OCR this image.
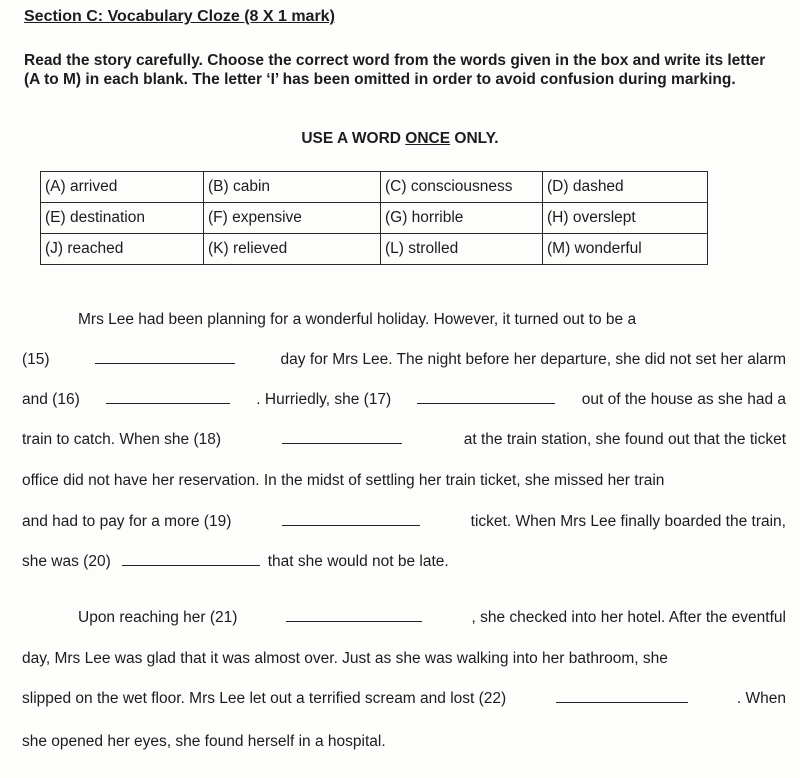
Section C: Vocabulary Cloze (8 X 1 mark)
Read the story carefully. Choose the correct word from the words given in the box and write its letter (A to M) in each blank. The letter ‘I’ has been omitted in order to avoid confusion during marking.
USE A WORD ONCE ONLY.
(A) arrived	(B) cabin	(C) consciousness	(D) dashed
(E) destination	(F) expensive	(G) horrible	(H) overslept
(J) reached	(K) relieved	(L) strolled	(M) wonderful
Mrs Lee had been planning for a wonderful holiday. However, it turned out to be a
(15)	day for Mrs Lee. The night before her departure, she did not set her alarm
and (16)	. Hurriedly, she (17)	out of the house as she had a
train to catch. When she (18)	at the train station, she found out that the ticket
office did not have her reservation. In the midst of settling her train ticket, she missed her train
and had to pay for a more (19)	ticket. When Mrs Lee finally boarded the train,
she was (20)	that she would not be late.
Upon reaching her (21)	, she checked into her hotel. After the eventful
day, Mrs Lee was glad that it was almost over. Just as she was walking into her bathroom, she
slipped on the wet floor. Mrs Lee let out a terrified scream and lost (22)	. When
she opened her eyes, she found herself in a hospital.
